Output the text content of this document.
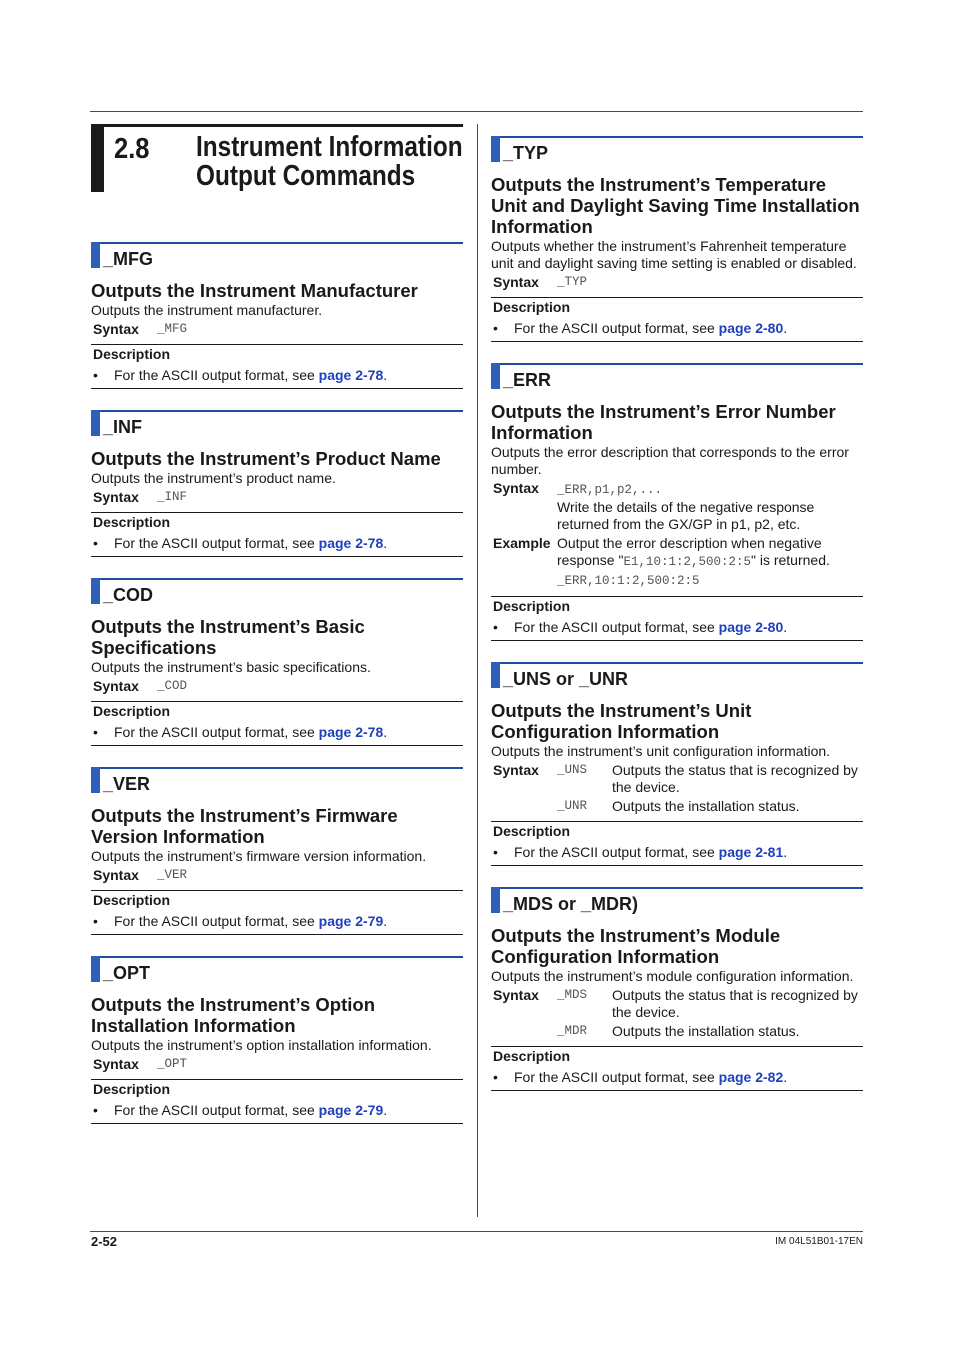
2.8 Instrument Information
Output Commands
_MFG
Outputs the Instrument Manufacturer
Outputs the instrument manufacturer.
Syntax	_MFG
Description
•	For the ASCII output format, see page 2-78.
_INF
Outputs the Instrument’s Product Name
Outputs the instrument’s product name.
Syntax	_INF
Description
•	For the ASCII output format, see page 2-78.
_COD
Outputs the Instrument’s Basic Specifications
Outputs the instrument’s basic specifications.
Syntax	_COD
Description
•	For the ASCII output format, see page 2-78.
_VER
Outputs the Instrument’s Firmware Version Information
Outputs the instrument’s firmware version information.
Syntax	_VER
Description
•	For the ASCII output format, see page 2-79.
_OPT
Outputs the Instrument’s Option Installation Information
Outputs the instrument’s option installation information.
Syntax	_OPT
Description
•	For the ASCII output format, see page 2-79.
_TYP
Outputs the Instrument’s Temperature Unit and Daylight Saving Time Installation Information
Outputs whether the instrument’s Fahrenheit temperature unit and daylight saving time setting is enabled or disabled.
Syntax	_TYP
Description
•	For the ASCII output format, see page 2-80.
_ERR
Outputs the Instrument’s Error Number Information
Outputs the error description that corresponds to the error number.
Syntax	_ERR,p1,p2,...
Write the details of the negative response returned from the GX/GP in p1, p2, etc.
Example Output the error description when negative response "E1,10:1:2,500:2:5" is returned.
_ERR,10:1:2,500:2:5
Description
•	For the ASCII output format, see page 2-80.
_UNS or _UNR
Outputs the Instrument’s Unit Configuration Information
Outputs the instrument’s unit configuration information.
Syntax	_UNS	Outputs the status that is recognized by the device.
_UNR	Outputs the installation status.
Description
•	For the ASCII output format, see page 2-81.
_MDS or _MDR)
Outputs the Instrument’s Module Configuration Information
Outputs the instrument’s module configuration information.
Syntax	_MDS	Outputs the status that is recognized by the device.
_MDR	Outputs the installation status.
Description
•	For the ASCII output format, see page 2-82.
2-52	IM 04L51B01-17EN
